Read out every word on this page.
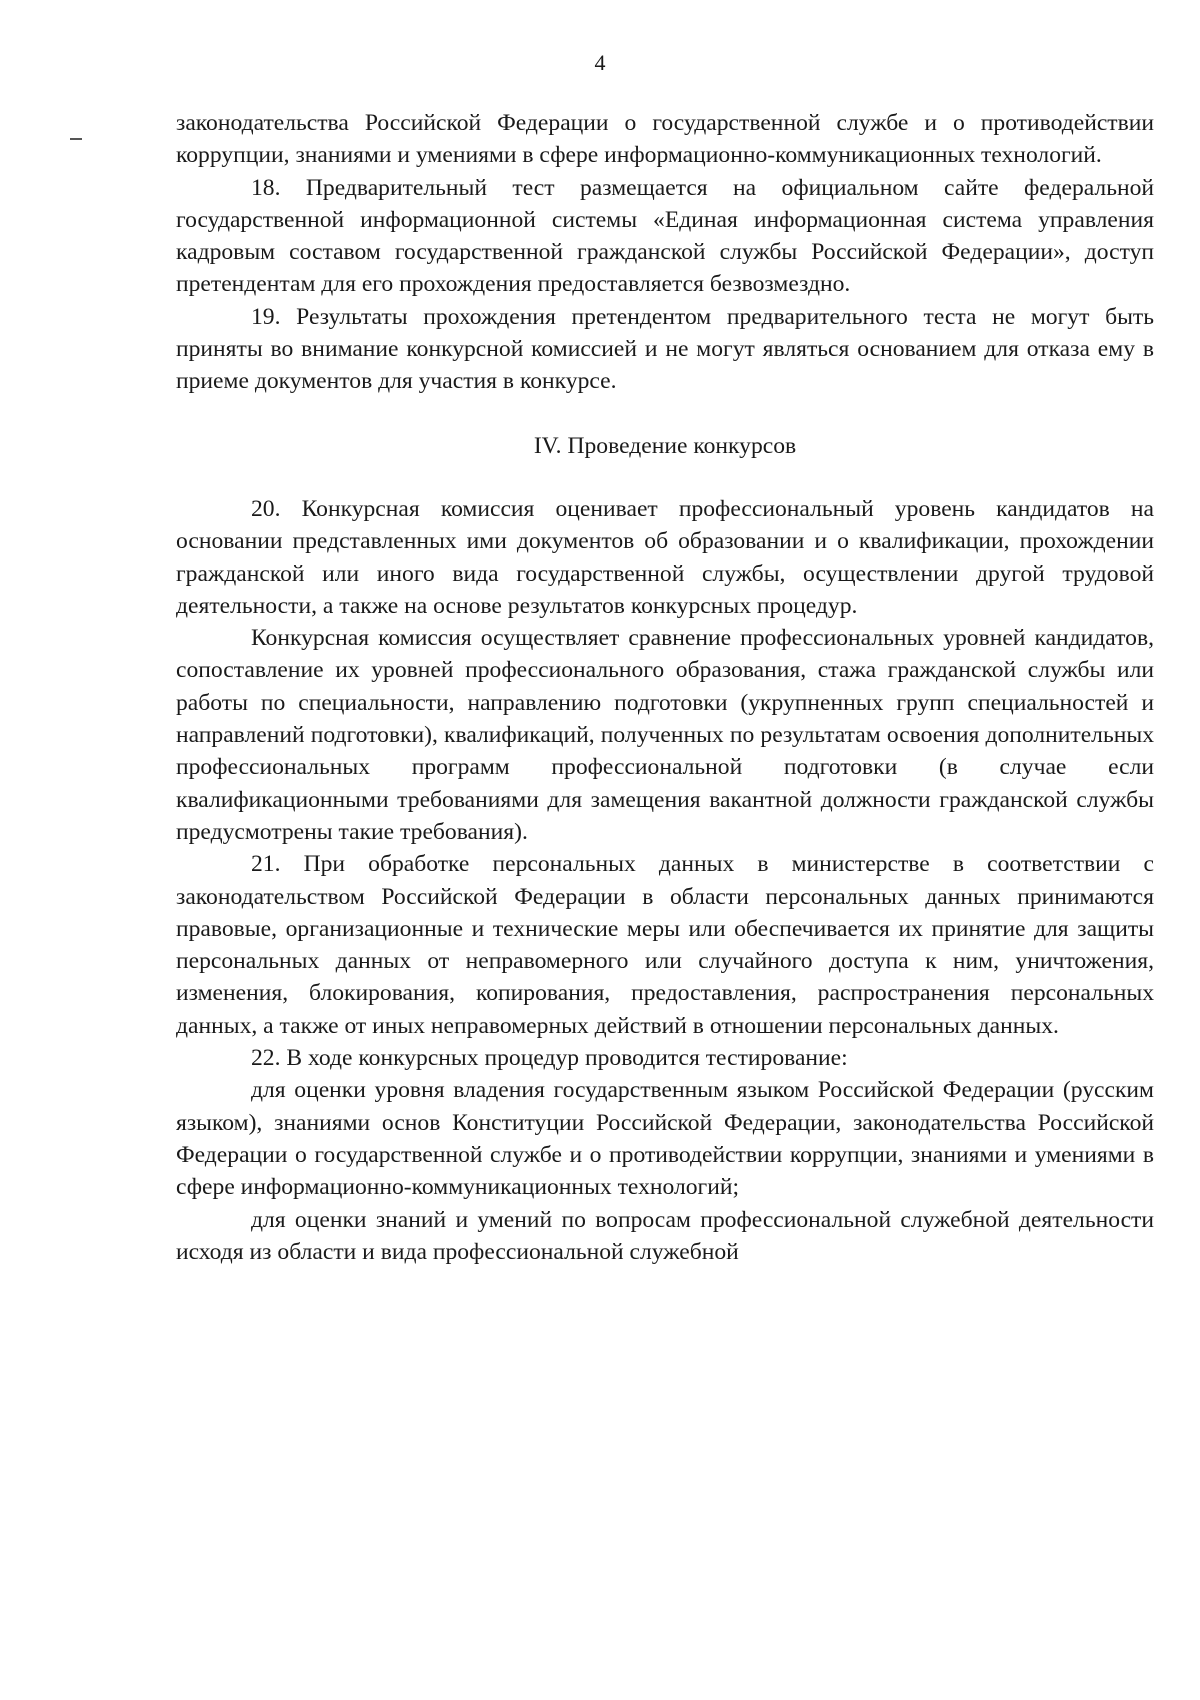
4

законодательства Российской Федерации о государственной службе и о противодействии коррупции, знаниями и умениями в сфере информационно-коммуникационных технологий.

18. Предварительный тест размещается на официальном сайте федеральной государственной информационной системы «Единая информационная система управления кадровым составом государственной гражданской службы Российской Федерации», доступ претендентам для его прохождения предоставляется безвозмездно.

19. Результаты прохождения претендентом предварительного теста не могут быть приняты во внимание конкурсной комиссией и не могут являться основанием для отказа ему в приеме документов для участия в конкурсе.

IV. Проведение конкурсов

20. Конкурсная комиссия оценивает профессиональный уровень кандидатов на основании представленных ими документов об образовании и о квалификации, прохождении гражданской или иного вида государственной службы, осуществлении другой трудовой деятельности, а также на основе результатов конкурсных процедур.

Конкурсная комиссия осуществляет сравнение профессиональных уровней кандидатов, сопоставление их уровней профессионального образования, стажа гражданской службы или работы по специальности, направлению подготовки (укрупненных групп специальностей и направлений подготовки), квалификаций, полученных по результатам освоения дополнительных профессиональных программ профессиональной подготовки (в случае если квалификационными требованиями для замещения вакантной должности гражданской службы предусмотрены такие требования).

21. При обработке персональных данных в министерстве в соответствии с законодательством Российской Федерации в области персональных данных принимаются правовые, организационные и технические меры или обеспечивается их принятие для защиты персональных данных от неправомерного или случайного доступа к ним, уничтожения, изменения, блокирования, копирования, предоставления, распространения персональных данных, а также от иных неправомерных действий в отношении персональных данных.

22. В ходе конкурсных процедур проводится тестирование:

для оценки уровня владения государственным языком Российской Федерации (русским языком), знаниями основ Конституции Российской Федерации, законодательства Российской Федерации о государственной службе и о противодействии коррупции, знаниями и умениями в сфере информационно-коммуникационных технологий;

для оценки знаний и умений по вопросам профессиональной служебной деятельности исходя из области и вида профессиональной служебной
